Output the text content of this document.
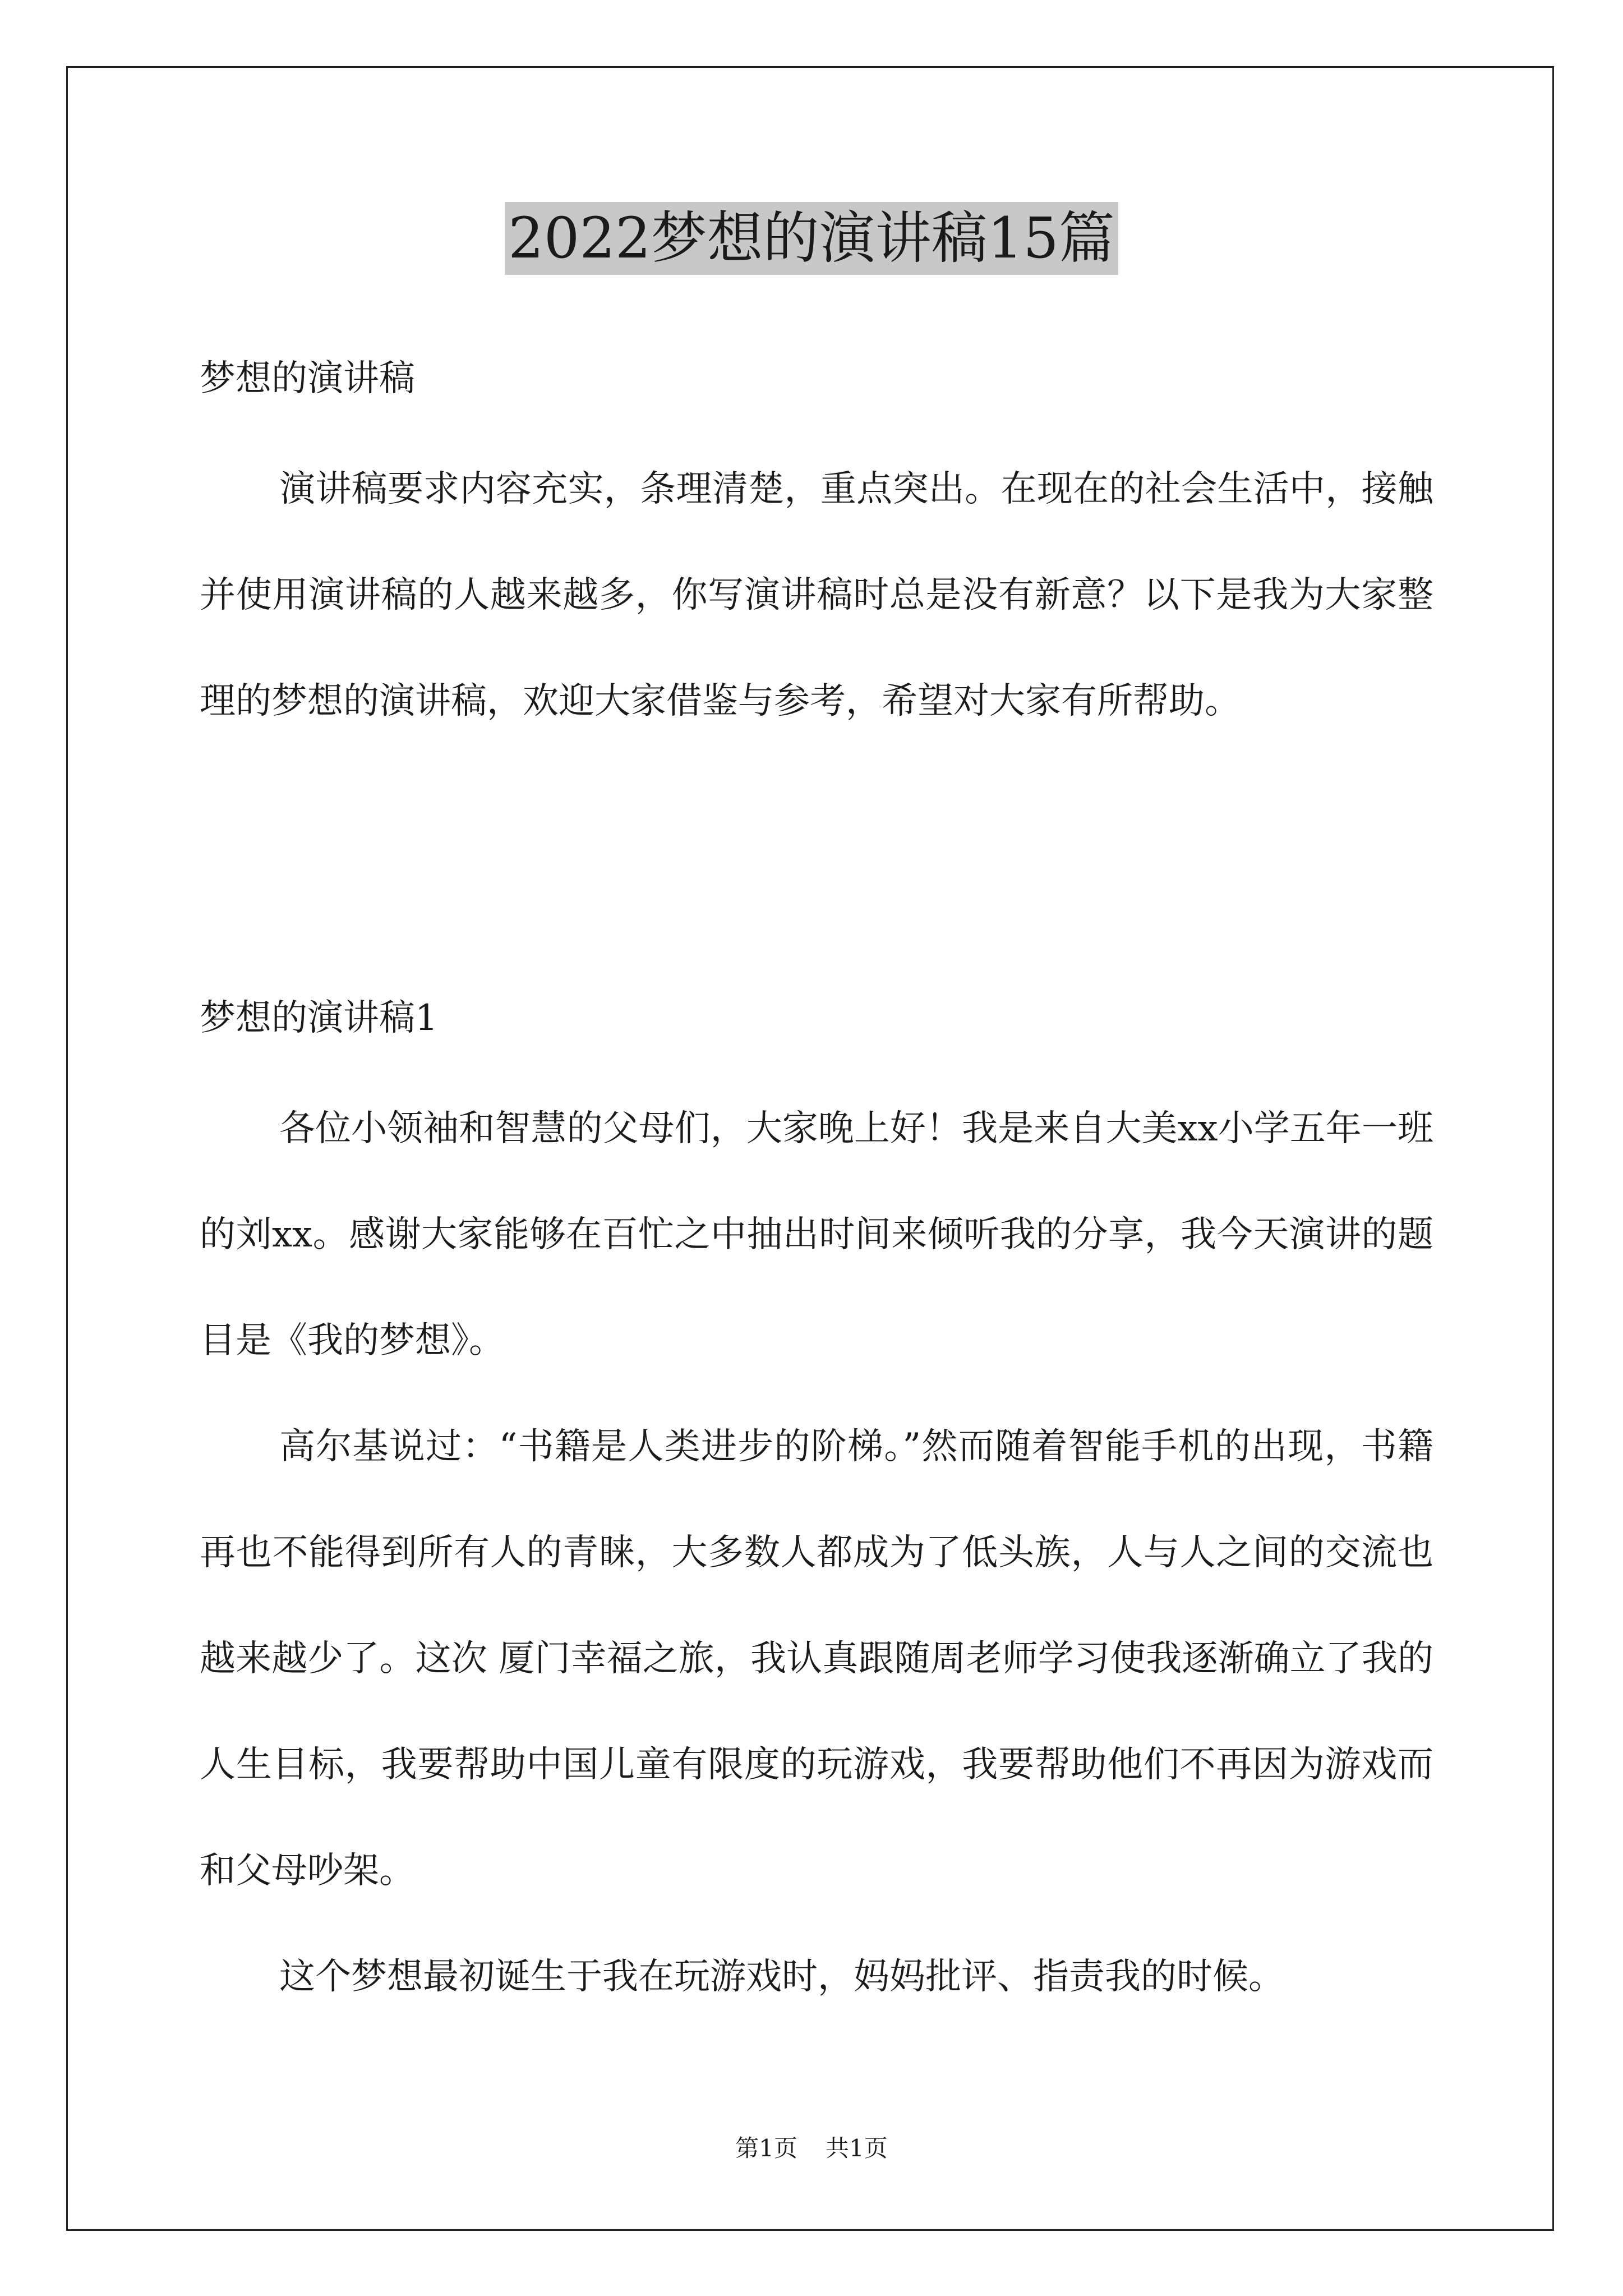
2022梦想的演讲稿15篇
梦想的演讲稿

演讲稿要求内容充实，条理清楚，重点突出。在现在的社会生活中，接触并使用演讲稿的人越来越多，你写演讲稿时总是没有新意？以下是我为大家整理的梦想的演讲稿，欢迎大家借鉴与参考，希望对大家有所帮助。

梦想的演讲稿1

各位小领袖和智慧的父母们，大家晚上好！我是来自大美xx小学五年一班的刘xx。感谢大家能够在百忙之中抽出时间来倾听我的分享，我今天演讲的题目是《我的梦想》。

高尔基说过：“书籍是人类进步的阶梯。”然而随着智能手机的出现，书籍再也不能得到所有人的青睐，大多数人都成为了低头族，人与人之间的交流也越来越少了。这次 厦门幸福之旅，我认真跟随周老师学习使我逐渐确立了我的人生目标，我要帮助中国儿童有限度的玩游戏，我要帮助他们不再因为游戏而和父母吵架。

这个梦想最初诞生于我在玩游戏时，妈妈批评、指责我的时候。

第1页 共1页
